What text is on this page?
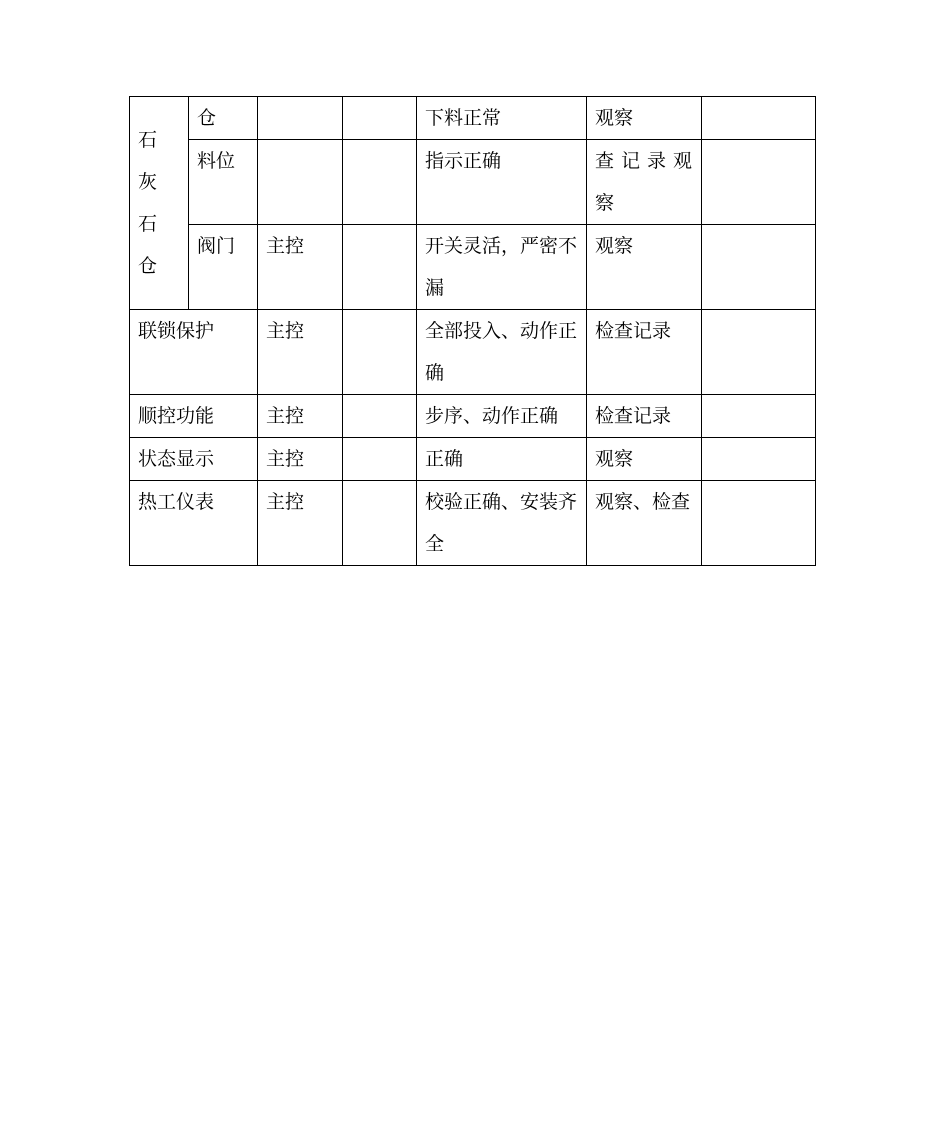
石灰石仓	仓			下料正常	观察	
	料位			指示正确	查记录观察	
	阀门	主控		开关灵活，严密不漏	观察	
联锁保护		主控		全部投入、动作正确	检查记录	
顺控功能		主控		步序、动作正确	检查记录	
状态显示		主控		正确	观察	
热工仪表		主控		校验正确、安装齐全	观察、检查	
